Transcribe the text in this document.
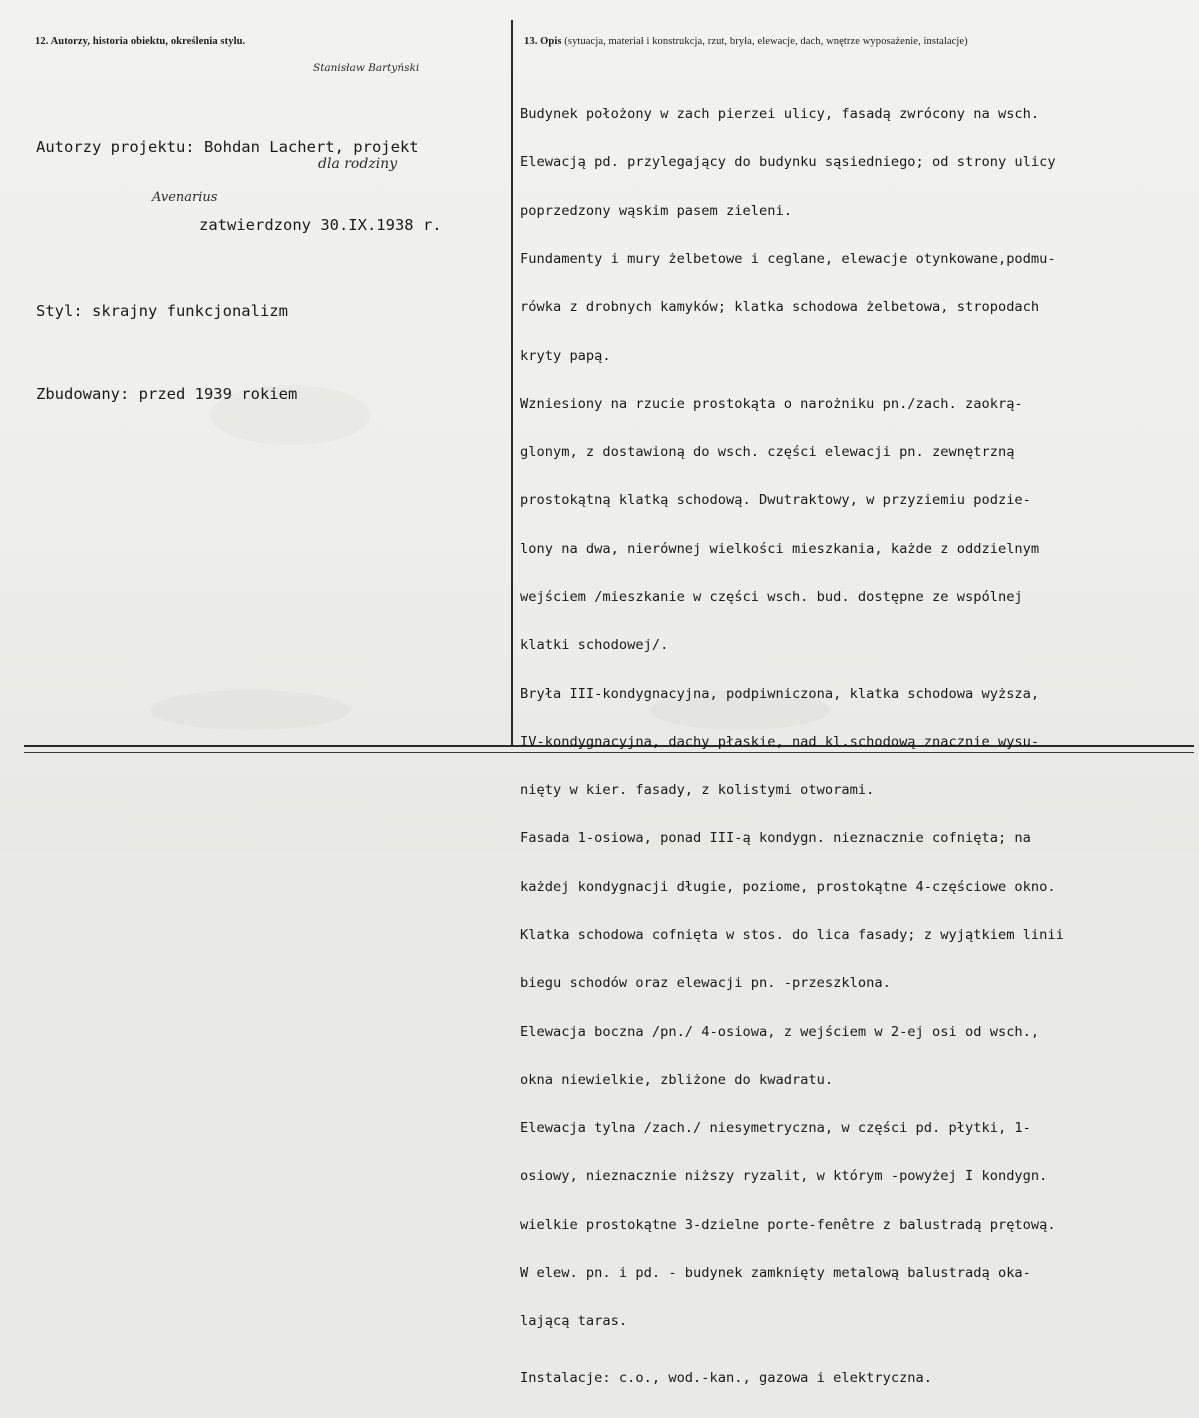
12. Autorzy, historia obiektu, określenia stylu.	13. Opis (sytuacja, materiał i konstrukcja, rzut, bryła, elewacje, dach, wnętrze wyposażenie, instalacje)

Autorzy projektu: Bohdan Lachert, projekt

zatwierdzony 30.IX.1938 r.

Styl: skrajny funkcjonalizm

Zbudowany: przed 1939 rokiem

Stanisław Bartyński
dla rodziny
Avenarius

Budynek położony w zach pierzei ulicy, fasadą zwrócony na wsch.

Elewacją pd. przylegający do budynku sąsiedniego; od strony ulicy

poprzedzony wąskim pasem zieleni.

Fundamenty i mury żelbetowe i ceglane, elewacje otynkowane,podmu-

rówka z drobnych kamyków; klatka schodowa żelbetowa, stropodach

kryty papą.

Wzniesiony na rzucie prostokąta o narożniku pn./zach. zaokrą-

glonym, z dostawioną do wsch. części elewacji pn. zewnętrzną

prostokątną klatką schodową. Dwutraktowy, w przyziemiu podzie-

lony na dwa, nierównej wielkości mieszkania, każde z oddzielnym

wejściem /mieszkanie w części wsch. bud. dostępne ze wspólnej

klatki schodowej/.

Bryła III-kondygnacyjna, podpiwniczona, klatka schodowa wyższa,

IV-kondygnacyjna, dachy płaskie, nad kl.schodową znacznie wysu-

nięty w kier. fasady, z kolistymi otworami.

Fasada 1-osiowa, ponad III-ą kondygn. nieznacznie cofnięta; na

każdej kondygnacji długie, poziome, prostokątne 4-częściowe okno.

Klatka schodowa cofnięta w stos. do lica fasady; z wyjątkiem linii

biegu schodów oraz elewacji pn. -przeszklona.

Elewacja boczna /pn./ 4-osiowa, z wejściem w 2-ej osi od wsch.,

okna niewielkie, zbliżone do kwadratu.

Elewacja tylna /zach./ niesymetryczna, w części pd. płytki, 1-

osiowy, nieznacznie niższy ryzalit, w którym -powyżej I kondygn.

wielkie prostokątne 3-dzielne porte-fenêtre z balustradą prętową.

W elew. pn. i pd. - budynek zamknięty metalową balustradą oka-

lającą taras.

Instalacje: c.o., wod.-kan., gazowa i elektryczna.
